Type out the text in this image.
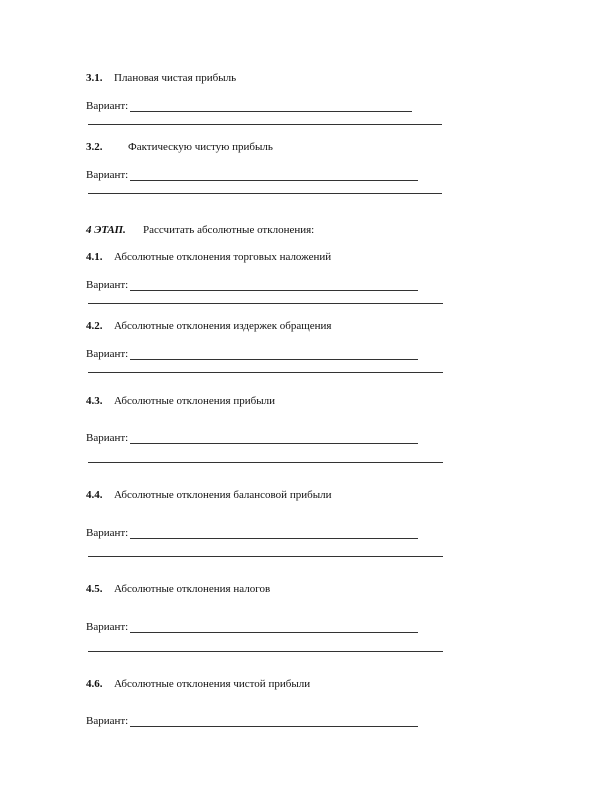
3.1. Плановая чистая прибыль
Вариант:
3.2. Фактическую чистую прибыль
Вариант:
4 ЭТАП. Рассчитать абсолютные отклонения:
4.1. Абсолютные отклонения торговых наложений
Вариант:
4.2. Абсолютные отклонения издержек обращения
Вариант:
4.3. Абсолютные отклонения прибыли
Вариант:
4.4. Абсолютные отклонения балансовой прибыли
Вариант:
4.5. Абсолютные отклонения налогов
Вариант:
4.6. Абсолютные отклонения чистой прибыли
Вариант:
